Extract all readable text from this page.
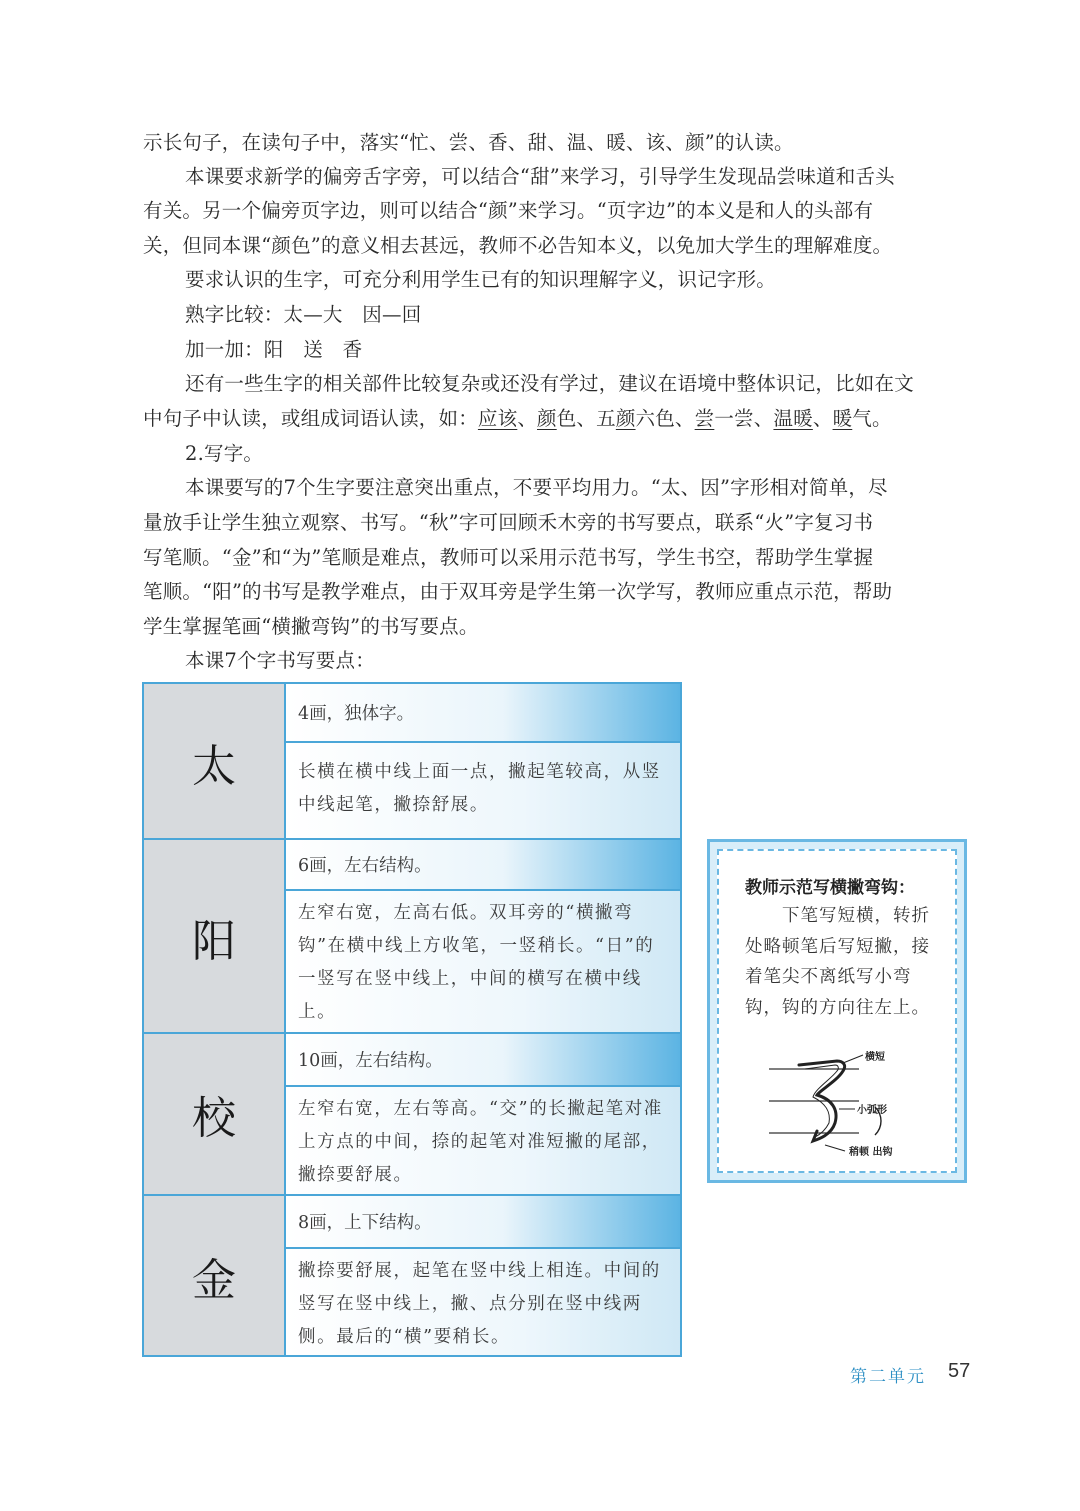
示长句子，在读句子中，落实“忙、尝、香、甜、温、暖、该、颜”的认读。

本课要求新学的偏旁舌字旁，可以结合“甜”来学习，引导学生发现品尝味道和舌头

有关。另一个偏旁页字边，则可以结合“颜”来学习。“页字边”的本义是和人的头部有

关，但同本课“颜色”的意义相去甚远，教师不必告知本义，以免加大学生的理解难度。

要求认识的生字，可充分利用学生已有的知识理解字义，识记字形。

熟字比较：太—大　因—回

加一加：阳　送　香

还有一些生字的相关部件比较复杂或还没有学过，建议在语境中整体识记，比如在文

中句子中认读，或组成词语认读，如：应该、颜色、五颜六色、尝一尝、温暖、暖气。

2.写字。

本课要写的7个生字要注意突出重点，不要平均用力。“太、因”字形相对简单，尽

量放手让学生独立观察、书写。“秋”字可回顾禾木旁的书写要点，联系“火”字复习书

写笔顺。“金”和“为”笔顺是难点，教师可以采用示范书写，学生书空，帮助学生掌握

笔顺。“阳”的书写是教学难点，由于双耳旁是学生第一次学写，教师应重点示范，帮助

学生掌握笔画“横撇弯钩”的书写要点。

本课7个字书写要点：

太
4画，独体字。
长横在横中线上面一点，撇起笔较高，从竖中线起笔，撇捺舒展。
阳
6画，左右结构。
左窄右宽，左高右低。双耳旁的“横撇弯钩”在横中线上方收笔，一竖稍长。“日”的一竖写在竖中线上，中间的横写在横中线上。
校
10画，左右结构。
左窄右宽，左右等高。“交”的长撇起笔对准上方点的中间，捺的起笔对准短撇的尾部，撇捺要舒展。
金
8画，上下结构。
撇捺要舒展，起笔在竖中线上相连。中间的竖写在竖中线上，撇、点分别在竖中线两侧。最后的“横”要稍长。
教师示范写横撇弯钩：
　　下笔写短横，转折处略顿笔后写短撇，接着笔尖不离纸写小弯钩，钩的方向往左上。
横短
小弧形
稍顿 出钩
第二单元 57
